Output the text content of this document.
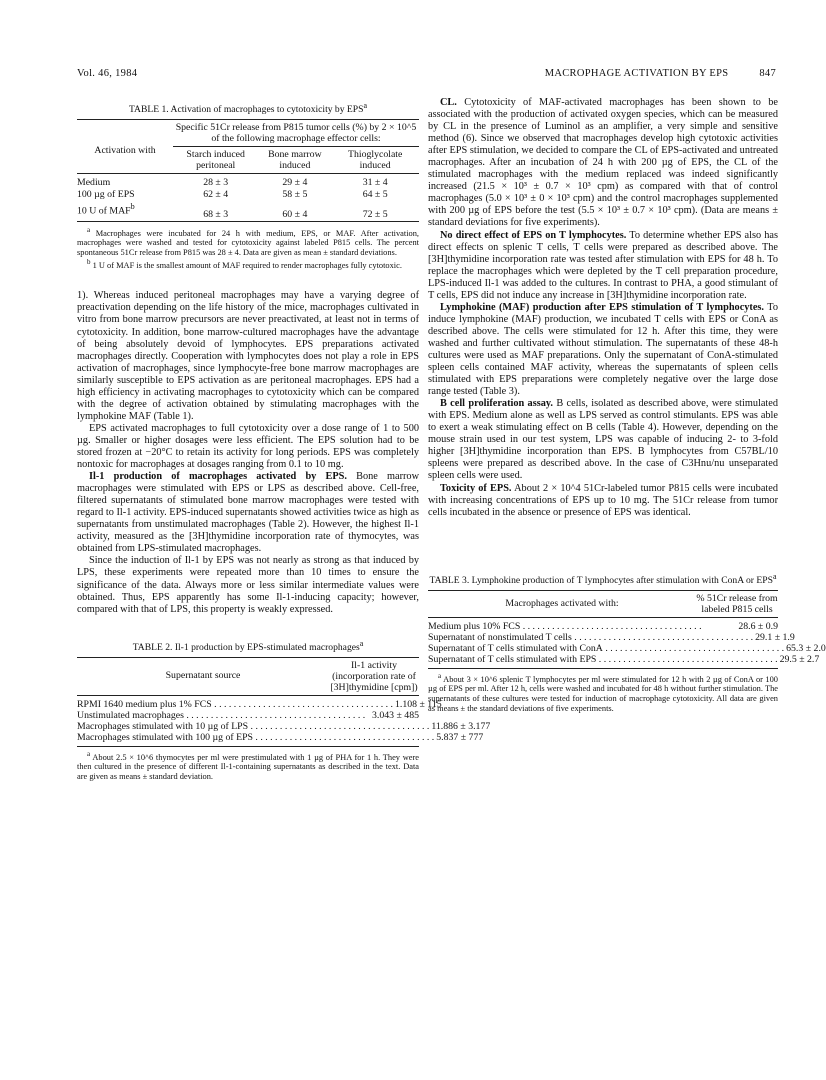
Vol. 46, 1984	MACROPHAGE ACTIVATION BY EPS	847
TABLE 1. Activation of macrophages to cytotoxicity by EPS$^a$
Activation with	Specific 51Cr release from P815 tumor cells (%) by 2 × 10^5 of the following macrophage effector cells:		
	Starch induced peritoneal	Bone marrow induced	Thioglycolate induced
Medium	28 ± 3	29 ± 4	31 ± 4
100 µg of EPS	62 ± 4	58 ± 5	64 ± 5
10 U of MAF$^b$	68 ± 3	60 ± 4	72 ± 5

$^a$ Macrophages were incubated for 24 h with medium, EPS, or MAF. After activation, macrophages were washed and tested for cytotoxicity against labeled P815 cells. The percent spontaneous 51Cr release from P815 was 28 ± 4. Data are given as mean ± standard deviations.

$^b$ 1 U of MAF is the smallest amount of MAF required to render macrophages fully cytotoxic.

1). Whereas induced peritoneal macrophages may have a varying degree of preactivation depending on the life history of the mice, macrophages cultivated in vitro from bone marrow precursors are never preactivated, at least not in terms of cytotoxicity. In addition, bone marrow-cultured macrophages have the advantage of being absolutely devoid of lymphocytes. EPS preparations activated macrophages directly. Cooperation with lymphocytes does not play a role in EPS activation of macrophages, since lymphocyte-free bone marrow macrophages are similarly susceptible to EPS activation as are peritoneal macrophages. EPS had a high efficiency in activating macrophages to cytotoxicity which can be compared with the degree of activation obtained by stimulating macrophages with the lymphokine MAF (Table 1).

EPS activated macrophages to full cytotoxicity over a dose range of 1 to 500 µg. Smaller or higher dosages were less efficient. The EPS solution had to be stored frozen at −20°C to retain its activity for long periods. EPS was completely nontoxic for macrophages at dosages ranging from 0.1 to 10 mg.

Il-1 production of macrophages activated by EPS. Bone marrow macrophages were stimulated with EPS or LPS as described above. Cell-free, filtered supernatants of stimulated bone marrow macrophages were tested with regard to Il-1 activity. EPS-induced supernatants showed activities twice as high as supernatants from unstimulated macrophages (Table 2). However, the highest Il-1 activity, measured as the [3H]thymidine incorporation rate of thymocytes, was obtained from LPS-stimulated macrophages.

Since the induction of Il-1 by EPS was not nearly as strong as that induced by LPS, these experiments were repeated more than 10 times to ensure the significance of the data. Always more or less similar intermediate values were obtained. Thus, EPS apparently has some Il-1-inducing capacity; however, compared with that of LPS, this property is weakly expressed.

TABLE 2. Il-1 production by EPS-stimulated macrophages$^a$
Supernatant source	Il-1 activity (incorporation rate of [3H]thymidine [cpm])
RPMI 1640 medium plus 1% FCS . . . . . . . . . . . . . . . . . . . . . . . . . . . . . . . . . . . . . 1.108 ± 115
Unstimulated macrophages . . . . . . . . . . . . . . . . . . . . . . . . . . . . . . . . . . . . . 3.043 ± 485
Macrophages stimulated with 10 µg of LPS . . . . . . . . . . . . . . . . . . . . . . . . . . . . . . . . . . . . . 11.886 ± 3.177
Macrophages stimulated with 100 µg of EPS . . . . . . . . . . . . . . . . . . . . . . . . . . . . . . . . . . . . . 5.837 ± 777

$^a$ About 2.5 × 10^6 thymocytes per ml were prestimulated with 1 µg of PHA for 1 h. They were then cultured in the presence of different Il-1-containing supernatants as described in the text. Data are given as means ± standard deviation.

CL. Cytotoxicity of MAF-activated macrophages has been shown to be associated with the production of activated oxygen species, which can be measured by CL in the presence of Luminol as an amplifier, a very simple and sensitive method (6). Since we observed that macrophages develop high cytotoxic activities after EPS stimulation, we decided to compare the CL of EPS-activated and untreated macrophages. After an incubation of 24 h with 200 µg of EPS, the CL of the stimulated macrophages with the medium replaced was indeed significantly increased (21.5 × 10³ ± 0.7 × 10³ cpm) as compared with that of control macrophages (5.0 × 10³ ± 0 × 10³ cpm) and the control macrophages supplemented with 200 µg of EPS before the test (5.5 × 10³ ± 0.7 × 10³ cpm). (Data are means ± standard deviations for five experiments).

No direct effect of EPS on T lymphocytes. To determine whether EPS also has direct effects on splenic T cells, T cells were prepared as described above. The [3H]thymidine incorporation rate was tested after stimulation with EPS for 48 h. To replace the macrophages which were depleted by the T cell preparation procedure, LPS-induced Il-1 was added to the cultures. In contrast to PHA, a good stimulant of T cells, EPS did not induce any increase in [3H]thymidine incorporation rate.

Lymphokine (MAF) production after EPS stimulation of T lymphocytes. To induce lymphokine (MAF) production, we incubated T cells with EPS or ConA as described above. The cells were stimulated for 12 h. After this time, they were washed and further cultivated without stimulation. The supernatants of these 48-h cultures were used as MAF preparations. Only the supernatant of ConA-stimulated spleen cells contained MAF activity, whereas the supernatants of spleen cells stimulated with EPS preparations were completely negative over the large dose range tested (Table 3).

B cell proliferation assay. B cells, isolated as described above, were stimulated with EPS. Medium alone as well as LPS served as control stimulants. EPS was able to exert a weak stimulating effect on B cells (Table 4). However, depending on the mouse strain used in our test system, LPS was capable of inducing 2- to 3-fold higher [3H]thymidine incorporation than EPS. B lymphocytes from C57BL/10 spleens were prepared as described above. In the case of C3Hnu/nu unseparated spleen cells were used.

Toxicity of EPS. About 2 × 10^4 51Cr-labeled tumor P815 cells were incubated with increasing concentrations of EPS up to 10 mg. The 51Cr release from tumor cells incubated in the absence or presence of EPS was identical.

TABLE 3. Lymphokine production of T lymphocytes after stimulation with ConA or EPS$^a$
Macrophages activated with:	% 51Cr release from labeled P815 cells
Medium plus 10% FCS . . . . . . . . . . . . . . . . . . . . . . . . . . . . . . . . . . . . .	28.6 ± 0.9
Supernatant of nonstimulated T cells . . . . . . . . . . . . . . . . . . . . . . . . . . . . . . . . . . . . . 29.1 ± 1.9
Supernatant of T cells stimulated with ConA . . . . . . . . . . . . . . . . . . . . . . . . . . . . . . . . . . . . . 65.3 ± 2.0
Supernatant of T cells stimulated with EPS . . . . . . . . . . . . . . . . . . . . . . . . . . . . . . . . . . . . . 29.5 ± 2.7

$^a$ About 3 × 10^6 splenic T lymphocytes per ml were stimulated for 12 h with 2 µg of ConA or 100 µg of EPS per ml. After 12 h, cells were washed and incubated for 48 h without further stimulation. The supernatants of these cultures were tested for induction of macrophage cytotoxicity. All data are given as means ± the standard deviations of five experiments.
